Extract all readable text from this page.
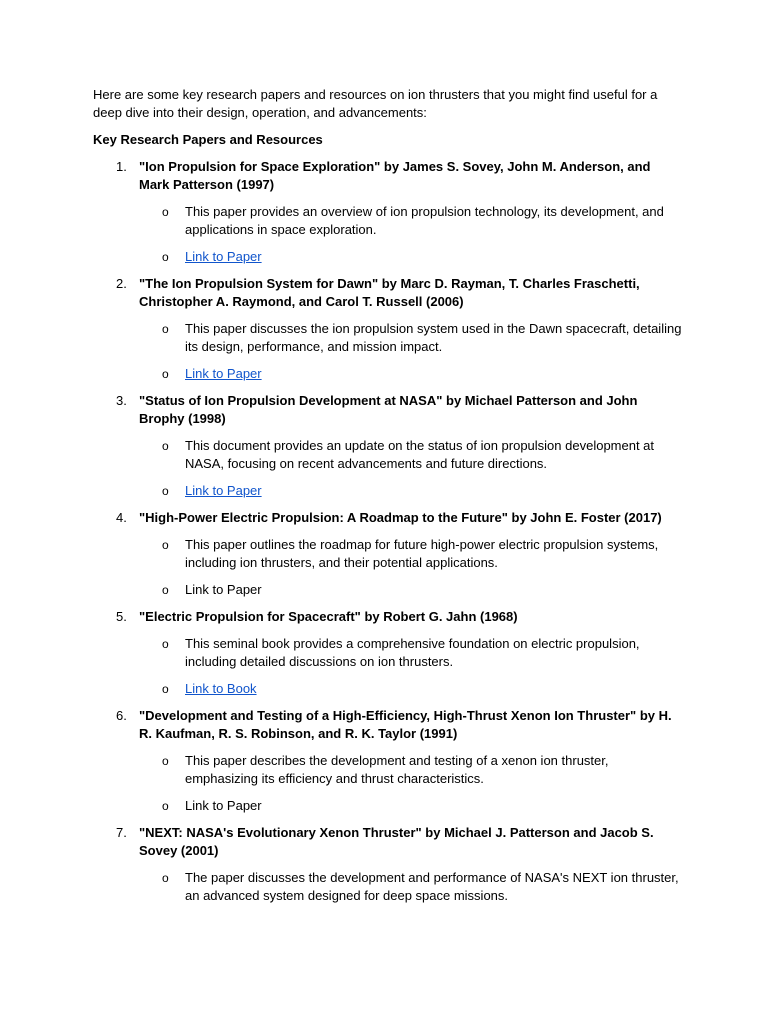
Here are some key research papers and resources on ion thrusters that you might find useful for a deep dive into their design, operation, and advancements:

Key Research Papers and Resources

1. "Ion Propulsion for Space Exploration" by James S. Sovey, John M. Anderson, and Mark Patterson (1997)
o This paper provides an overview of ion propulsion technology, its development, and applications in space exploration.
o Link to Paper
2. "The Ion Propulsion System for Dawn" by Marc D. Rayman, T. Charles Fraschetti, Christopher A. Raymond, and Carol T. Russell (2006)
o This paper discusses the ion propulsion system used in the Dawn spacecraft, detailing its design, performance, and mission impact.
o Link to Paper
3. "Status of Ion Propulsion Development at NASA" by Michael Patterson and John Brophy (1998)
o This document provides an update on the status of ion propulsion development at NASA, focusing on recent advancements and future directions.
o Link to Paper
4. "High-Power Electric Propulsion: A Roadmap to the Future" by John E. Foster (2017)
o This paper outlines the roadmap for future high-power electric propulsion systems, including ion thrusters, and their potential applications.
o Link to Paper
5. "Electric Propulsion for Spacecraft" by Robert G. Jahn (1968)
o This seminal book provides a comprehensive foundation on electric propulsion, including detailed discussions on ion thrusters.
o Link to Book
6. "Development and Testing of a High-Efficiency, High-Thrust Xenon Ion Thruster" by H. R. Kaufman, R. S. Robinson, and R. K. Taylor (1991)
o This paper describes the development and testing of a xenon ion thruster, emphasizing its efficiency and thrust characteristics.
o Link to Paper
7. "NEXT: NASA's Evolutionary Xenon Thruster" by Michael J. Patterson and Jacob S. Sovey (2001)
o The paper discusses the development and performance of NASA's NEXT ion thruster, an advanced system designed for deep space missions.
